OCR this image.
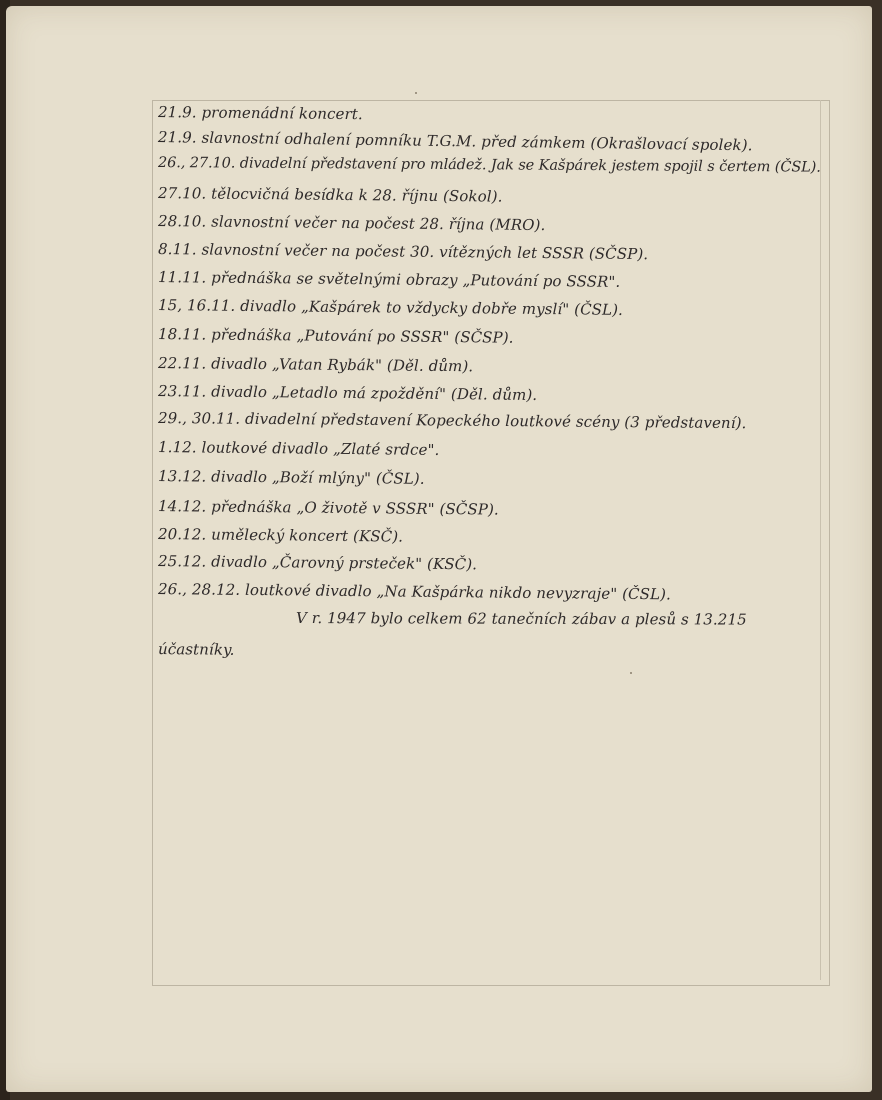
21.9. promenádní koncert.
21.9. slavnostní odhalení pomníku T.G.M. před zámkem (Okrašlovací spolek).
26., 27.10. divadelní představení pro mládež. Jak se Kašpárek jestem spojil s čertem (ČSL).
27.10. tělocvičná besídka k 28. říjnu (Sokol).
28.10. slavnostní večer na počest 28. října (MRO).
8.11. slavnostní večer na počest 30. vítězných let SSSR (SČSP).
11.11. přednáška se světelnými obrazy „Putování po SSSR".
15, 16.11. divadlo „Kašpárek to vždycky dobře myslí" (ČSL).
18.11. přednáška „Putování po SSSR" (SČSP).
22.11. divadlo „Vatan Rybák" (Děl. dům).
23.11. divadlo „Letadlo má zpoždění" (Děl. dům).
29., 30.11. divadelní představení Kopeckého loutkové scény (3 představení).
1.12. loutkové divadlo „Zlaté srdce".
13.12. divadlo „Boží mlýny" (ČSL).
14.12. přednáška „O životě v SSSR" (SČSP).
20.12. umělecký koncert (KSČ).
25.12. divadlo „Čarovný prsteček" (KSČ).
26., 28.12. loutkové divadlo „Na Kašpárka nikdo nevyzraje" (ČSL).
V r. 1947 bylo celkem 62 tanečních zábav a plesů s 13.215
účastníky.
